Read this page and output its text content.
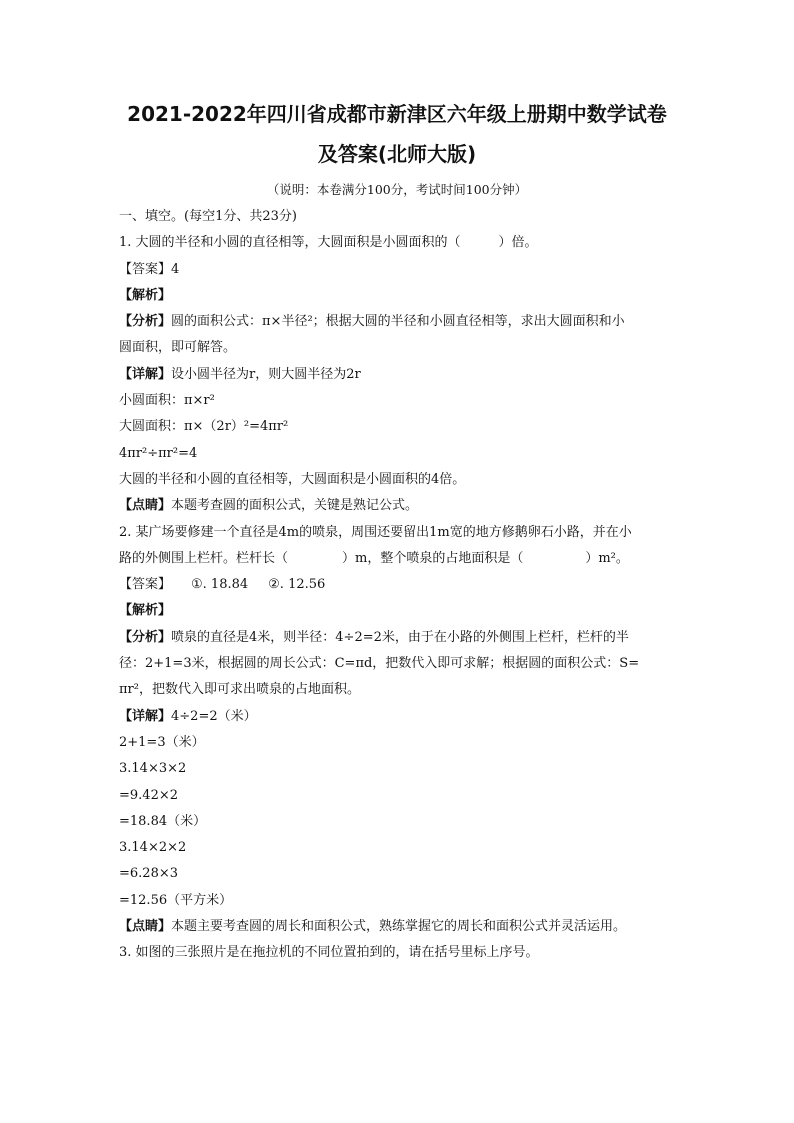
2021-2022年四川省成都市新津区六年级上册期中数学试卷
及答案(北师大版)
（说明：本卷满分100分，考试时间100分钟）
一、填空。(每空1分、共23分)
1. 大圆的半径和小圆的直径相等，大圆面积是小圆面积的（	）倍。
【答案】4
【解析】
【分析】圆的面积公式：π×半径²；根据大圆的半径和小圆直径相等，求出大圆面积和小
圆面积，即可解答。
【详解】设小圆半径为r，则大圆半径为2r
小圆面积：π×r²
大圆面积：π×（2r）²=4πr²
4πr²÷πr²=4
大圆的半径和小圆的直径相等，大圆面积是小圆面积的4倍。
【点睛】本题考查圆的面积公式，关键是熟记公式。
2. 某广场要修建一个直径是4m的喷泉，周围还要留出1m宽的地方修鹅卵石小路，并在小
路的外侧围上栏杆。栏杆长（	）m，整个喷泉的占地面积是（	）m²。
【答案】 ①. 18.84 ②. 12.56
【解析】
【分析】喷泉的直径是4米，则半径：4÷2=2米，由于在小路的外侧围上栏杆，栏杆的半
径：2+1=3米，根据圆的周长公式：C=πd，把数代入即可求解；根据圆的面积公式：S=
πr²，把数代入即可求出喷泉的占地面积。
【详解】4÷2=2（米）
2+1=3（米）
3.14×3×2
=9.42×2
=18.84（米）
3.14×2×2
=6.28×3
=12.56（平方米）
【点睛】本题主要考查圆的周长和面积公式，熟练掌握它的周长和面积公式并灵活运用。
3. 如图的三张照片是在拖拉机的不同位置拍到的，请在括号里标上序号。
